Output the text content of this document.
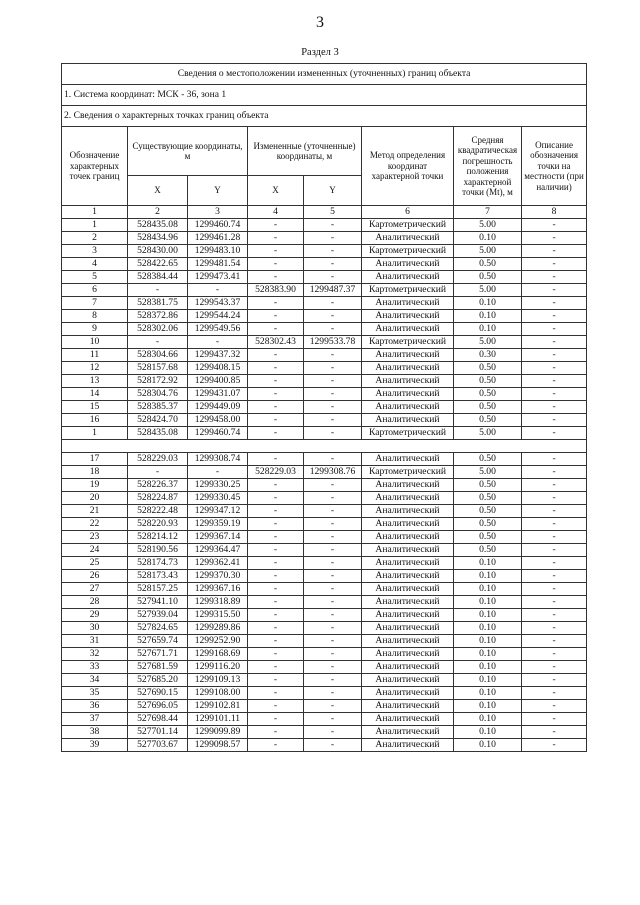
3
Раздел 3
Сведения о местоположении измененных (уточненных) границ объекта							
1. Система координат: МСК - 36, зона 1							
2. Сведения о характерных точках границ объекта							
Обозначение характерных точек границ	Существующие координаты, м		Измененные (уточненные) координаты, м		Метод определения координат характерной точки	Средняя квадратическая погрешность положения характерной точки (Mt), м	Описание обозначения точки на местности (при наличии)
	X	Y	X	Y			
1	2	3	4	5	6	7	8
1	528435.08	1299460.74	-	-	Картометрический	5.00	-
2	528434.96	1299461.28	-	-	Аналитический	0.10	-
3	528430.00	1299483.10	-	-	Картометрический	5.00	-
4	528422.65	1299481.54	-	-	Аналитический	0.50	-
5	528384.44	1299473.41	-	-	Аналитический	0.50	-
6	-	-	528383.90	1299487.37	Картометрический	5.00	-
7	528381.75	1299543.37	-	-	Аналитический	0.10	-
8	528372.86	1299544.24	-	-	Аналитический	0.10	-
9	528302.06	1299549.56	-	-	Аналитический	0.10	-
10	-	-	528302.43	1299533.78	Картометрический	5.00	-
11	528304.66	1299437.32	-	-	Аналитический	0.30	-
12	528157.68	1299408.15	-	-	Аналитический	0.50	-
13	528172.92	1299400.85	-	-	Аналитический	0.50	-
14	528304.76	1299431.07	-	-	Аналитический	0.50	-
15	528385.37	1299449.09	-	-	Аналитический	0.50	-
16	528424.70	1299458.00	-	-	Аналитический	0.50	-
1	528435.08	1299460.74	-	-	Картометрический	5.00	-

17	528229.03	1299308.74	-	-	Аналитический	0.50	-
18	-	-	528229.03	1299308.76	Картометрический	5.00	-
19	528226.37	1299330.25	-	-	Аналитический	0.50	-
20	528224.87	1299330.45	-	-	Аналитический	0.50	-
21	528222.48	1299347.12	-	-	Аналитический	0.50	-
22	528220.93	1299359.19	-	-	Аналитический	0.50	-
23	528214.12	1299367.14	-	-	Аналитический	0.50	-
24	528190.56	1299364.47	-	-	Аналитический	0.50	-
25	528174.73	1299362.41	-	-	Аналитический	0.10	-
26	528173.43	1299370.30	-	-	Аналитический	0.10	-
27	528157.25	1299367.16	-	-	Аналитический	0.10	-
28	527941.10	1299318.89	-	-	Аналитический	0.10	-
29	527939.04	1299315.50	-	-	Аналитический	0.10	-
30	527824.65	1299289.86	-	-	Аналитический	0.10	-
31	527659.74	1299252.90	-	-	Аналитический	0.10	-
32	527671.71	1299168.69	-	-	Аналитический	0.10	-
33	527681.59	1299116.20	-	-	Аналитический	0.10	-
34	527685.20	1299109.13	-	-	Аналитический	0.10	-
35	527690.15	1299108.00	-	-	Аналитический	0.10	-
36	527696.05	1299102.81	-	-	Аналитический	0.10	-
37	527698.44	1299101.11	-	-	Аналитический	0.10	-
38	527701.14	1299099.89	-	-	Аналитический	0.10	-
39	527703.67	1299098.57	-	-	Аналитический	0.10	-
